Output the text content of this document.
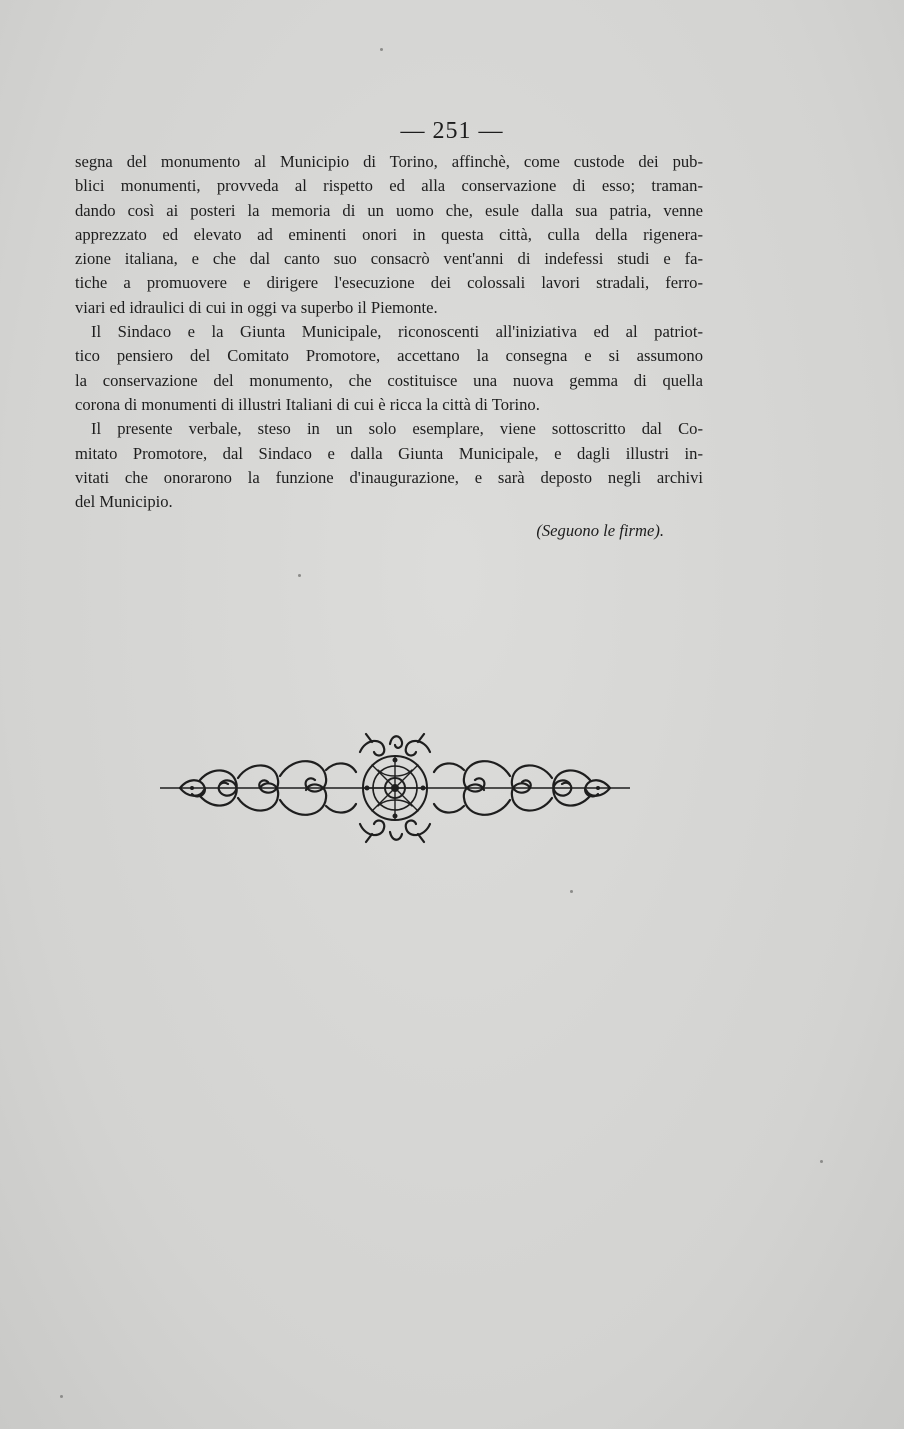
— 251 —
segna del monumento al Municipio di Torino, affinchè, come custode dei pub-
blici monumenti, provveda al rispetto ed alla conservazione di esso; traman-
dando così ai posteri la memoria di un uomo che, esule dalla sua patria, venne
apprezzato ed elevato ad eminenti onori in questa città, culla della rigenera-
zione italiana, e che dal canto suo consacrò vent'anni di indefessi studi e fa-
tiche a promuovere e dirigere l'esecuzione dei colossali lavori stradali, ferro-
viari ed idraulici di cui in oggi va superbo il Piemonte.
Il Sindaco e la Giunta Municipale, riconoscenti all'iniziativa ed al patriot-
tico pensiero del Comitato Promotore, accettano la consegna e si assumono
la conservazione del monumento, che costituisce una nuova gemma di quella
corona di monumenti di illustri Italiani di cui è ricca la città di Torino.
Il presente verbale, steso in un solo esemplare, viene sottoscritto dal Co-
mitato Promotore, dal Sindaco e dalla Giunta Municipale, e dagli illustri in-
vitati che onorarono la funzione d'inaugurazione, e sarà deposto negli archivi
del Municipio.
(Seguono le firme).
